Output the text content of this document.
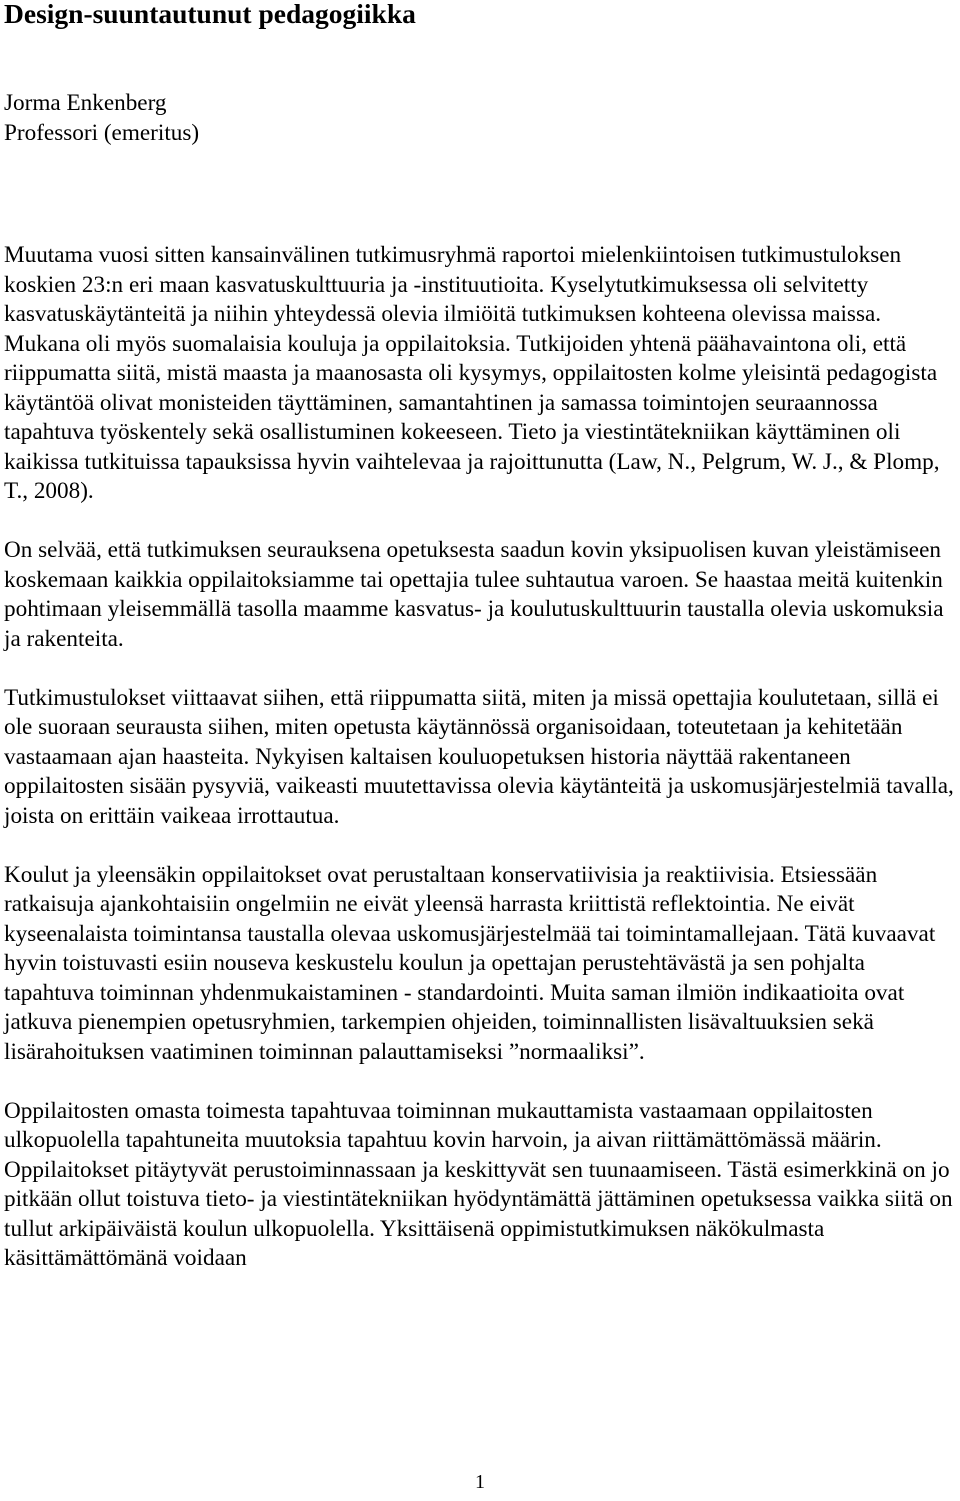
Design-suuntautunut pedagogiikka
Jorma Enkenberg
Professori (emeritus)

Muutama vuosi sitten kansainvälinen tutkimusryhmä raportoi mielenkiintoisen tutkimustuloksen koskien 23:n eri maan kasvatuskulttuuria ja -instituutioita. Kyselytutkimuksessa oli selvitetty kasvatuskäytänteitä ja niihin yhteydessä olevia ilmiöitä tutkimuksen kohteena olevissa maissa. Mukana oli myös suomalaisia kouluja ja oppilaitoksia. Tutkijoiden yhtenä päähavaintona oli, että riippumatta siitä, mistä maasta ja maanosasta oli kysymys, oppilaitosten kolme yleisintä pedagogista käytäntöä olivat monisteiden täyttäminen, samantahtinen ja samassa toimintojen seuraannossa tapahtuva työskentely sekä osallistuminen kokeeseen. Tieto ja viestintätekniikan käyttäminen oli kaikissa tutkituissa tapauksissa hyvin vaihtelevaa ja rajoittunutta (Law, N., Pelgrum, W. J., & Plomp, T., 2008).

On selvää, että tutkimuksen seurauksena opetuksesta saadun kovin yksipuolisen kuvan yleistämiseen koskemaan kaikkia oppilaitoksiamme tai opettajia tulee suhtautua varoen. Se haastaa meitä kuitenkin pohtimaan yleisemmällä tasolla maamme kasvatus- ja koulutuskulttuurin taustalla olevia uskomuksia ja rakenteita.

Tutkimustulokset viittaavat siihen, että riippumatta siitä, miten ja missä opettajia koulutetaan, sillä ei ole suoraan seurausta siihen, miten opetusta käytännössä organisoidaan, toteutetaan ja kehitetään vastaamaan ajan haasteita. Nykyisen kaltaisen kouluopetuksen historia näyttää rakentaneen oppilaitosten sisään pysyviä, vaikeasti muutettavissa olevia käytänteitä ja uskomusjärjestelmiä tavalla, joista on erittäin vaikeaa irrottautua.

Koulut ja yleensäkin oppilaitokset ovat perustaltaan konservatiivisia ja reaktiivisia. Etsiessään ratkaisuja ajankohtaisiin ongelmiin ne eivät yleensä harrasta kriittistä reflektointia. Ne eivät kyseenalaista toimintansa taustalla olevaa uskomusjärjestelmää tai toimintamallejaan. Tätä kuvaavat hyvin toistuvasti esiin nouseva keskustelu koulun ja opettajan perustehtävästä ja sen pohjalta tapahtuva toiminnan yhdenmukaistaminen - standardointi. Muita saman ilmiön indikaatioita ovat jatkuva pienempien opetusryhmien, tarkempien ohjeiden, toiminnallisten lisävaltuuksien sekä lisärahoituksen vaatiminen toiminnan palauttamiseksi ”normaaliksi”.

Oppilaitosten omasta toimesta tapahtuvaa toiminnan mukauttamista vastaamaan oppilaitosten ulkopuolella tapahtuneita muutoksia tapahtuu kovin harvoin, ja aivan riittämättömässä määrin. Oppilaitokset pitäytyvät perustoiminnassaan ja keskittyvät sen tuunaamiseen. Tästä esimerkkinä on jo pitkään ollut toistuva tieto- ja viestintätekniikan hyödyntämättä jättäminen opetuksessa vaikka siitä on tullut arkipäiväistä koulun ulkopuolella. Yksittäisenä oppimistutkimuksen näkökulmasta käsittämättömänä voidaan

1
